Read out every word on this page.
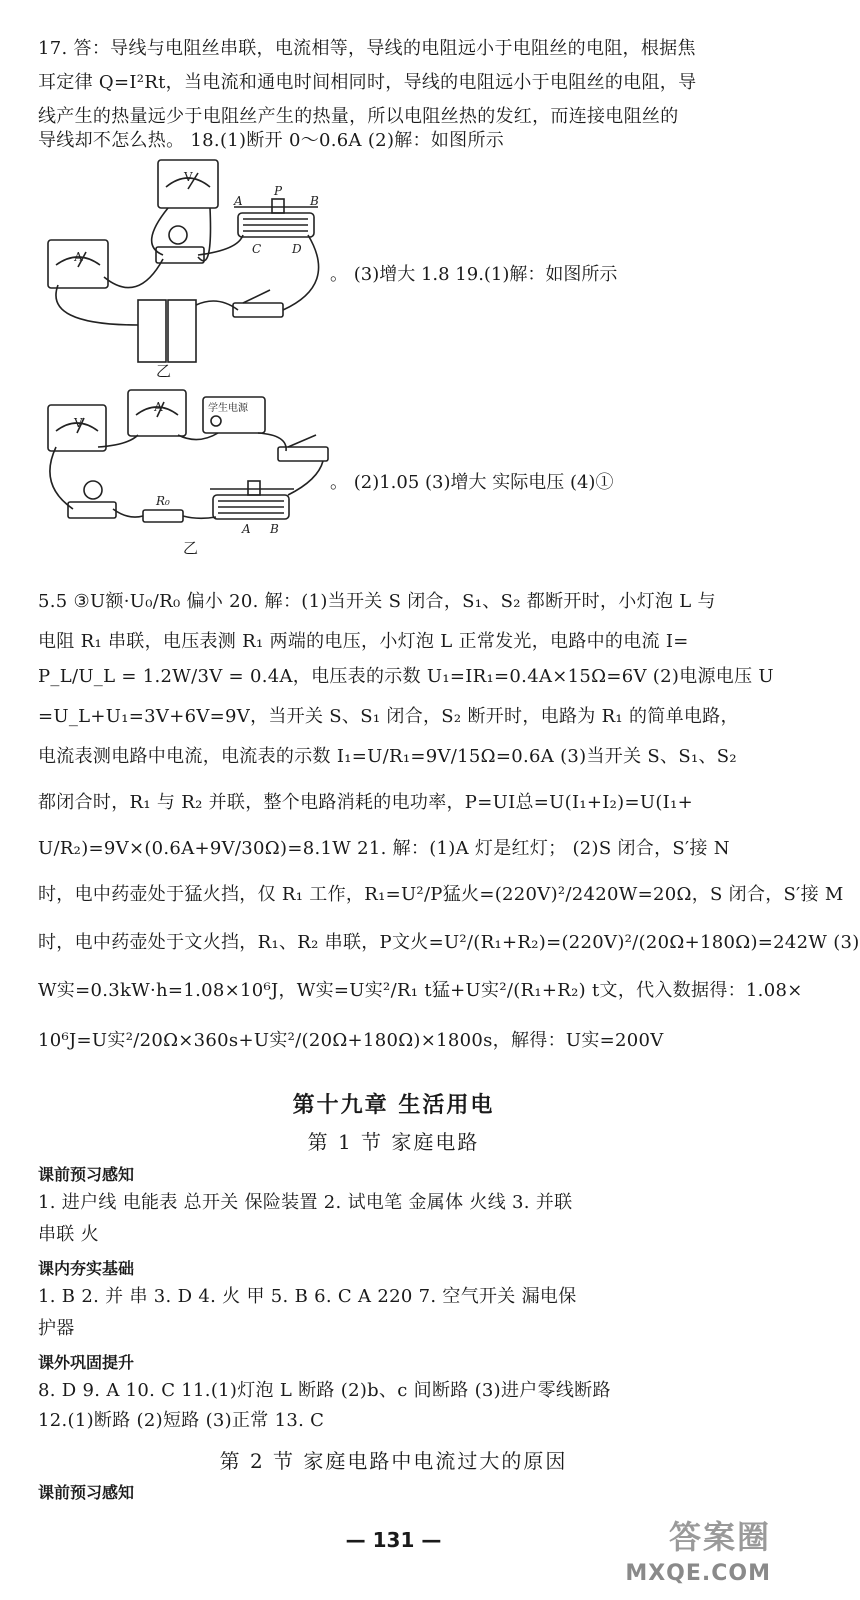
17. 答：导线与电阻丝串联，电流相等，导线的电阻远小于电阻丝的电阻，根据焦
耳定律 Q=I²Rt，当电流和通电时间相同时，导线的电阻远小于电阻丝的电阻，导
线产生的热量远少于电阻丝产生的热量，所以电阻丝热的发红，而连接电阻丝的
导线却不怎么热。 18.(1)断开 0～0.6A (2)解：如图所示
V
A
A	B
P
C	D
乙
。 (3)增大 1.8 19.(1)解：如图所示
V
A	学生电源
R₀
A B
乙
。 (2)1.05 (3)增大 实际电压 (4)①
5.5 ③U额·U₀/R₀ 偏小 20. 解：(1)当开关 S 闭合，S₁、S₂ 都断开时，小灯泡 L 与
电阻 R₁ 串联，电压表测 R₁ 两端的电压，小灯泡 L 正常发光，电路中的电流 I=
P_L/U_L = 1.2W/3V = 0.4A，电压表的示数 U₁=IR₁=0.4A×15Ω=6V (2)电源电压 U
=U_L+U₁=3V+6V=9V，当开关 S、S₁ 闭合，S₂ 断开时，电路为 R₁ 的简单电路，
电流表测电路中电流，电流表的示数 I₁=U/R₁=9V/15Ω=0.6A (3)当开关 S、S₁、S₂
都闭合时，R₁ 与 R₂ 并联，整个电路消耗的电功率，P=UI总=U(I₁+I₂)=U(I₁+
U/R₂)=9V×(0.6A+9V/30Ω)=8.1W 21. 解：(1)A 灯是红灯； (2)S 闭合，S′接 N
时，电中药壶处于猛火挡，仅 R₁ 工作，R₁=U²/P猛火=(220V)²/2420W=20Ω，S 闭合，S′接 M
时，电中药壶处于文火挡，R₁、R₂ 串联，P文火=U²/(R₁+R₂)=(220V)²/(20Ω+180Ω)=242W (3)
W实=0.3kW·h=1.08×10⁶J，W实=U实²/R₁ t猛+U实²/(R₁+R₂) t文，代入数据得：1.08×
10⁶J=U实²/20Ω×360s+U实²/(20Ω+180Ω)×1800s，解得：U实=200V
第十九章 生活用电
第 1 节 家庭电路
课前预习感知
1. 进户线 电能表 总开关 保险装置 2. 试电笔 金属体 火线 3. 并联
串联 火
课内夯实基础
1. B 2. 并 串 3. D 4. 火 甲 5. B 6. C A 220 7. 空气开关 漏电保
护器
课外巩固提升
8. D 9. A 10. C 11.(1)灯泡 L 断路 (2)b、c 间断路 (3)进户零线断路
12.(1)断路 (2)短路 (3)正常 13. C
第 2 节 家庭电路中电流过大的原因
课前预习感知
— 131 —	答案圈
MXQE.COM
